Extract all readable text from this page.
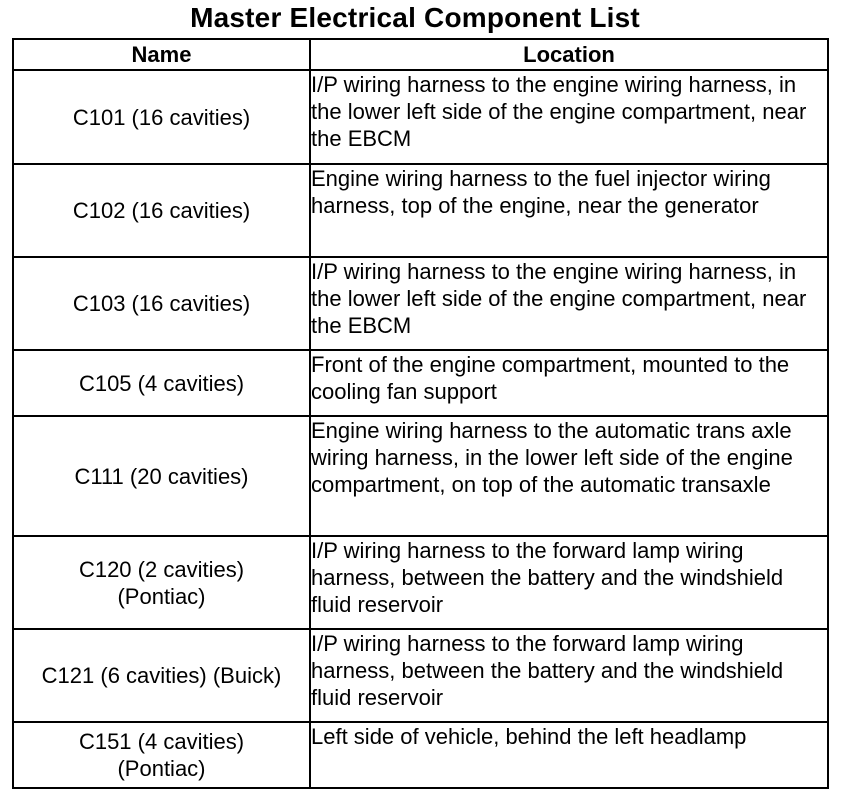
Master Electrical Component List
Name	Location

C101 (16 cavities)	I/P wiring harness to the engine wiring harness, in the lower left side of the engine compartment, near the EBCM

C102 (16 cavities)	Engine wiring harness to the fuel injector wiring harness, top of the engine, near the generator

C103 (16 cavities)	I/P wiring harness to the engine wiring harness, in the lower left side of the engine compartment, near the EBCM

C105 (4 cavities)	Front of the engine compartment, mounted to the cooling fan support

C111 (20 cavities)	Engine wiring harness to the automatic trans axle wiring harness, in the lower left side of the engine compartment, on top of the automatic transaxle

C120 (2 cavities)
(Pontiac)	I/P wiring harness to the forward lamp wiring harness, between the battery and the windshield fluid reservoir

C121 (6 cavities) (Buick)	I/P wiring harness to the forward lamp wiring harness, between the battery and the windshield fluid reservoir

C151 (4 cavities)
(Pontiac)	Left side of vehicle, behind the left headlamp
